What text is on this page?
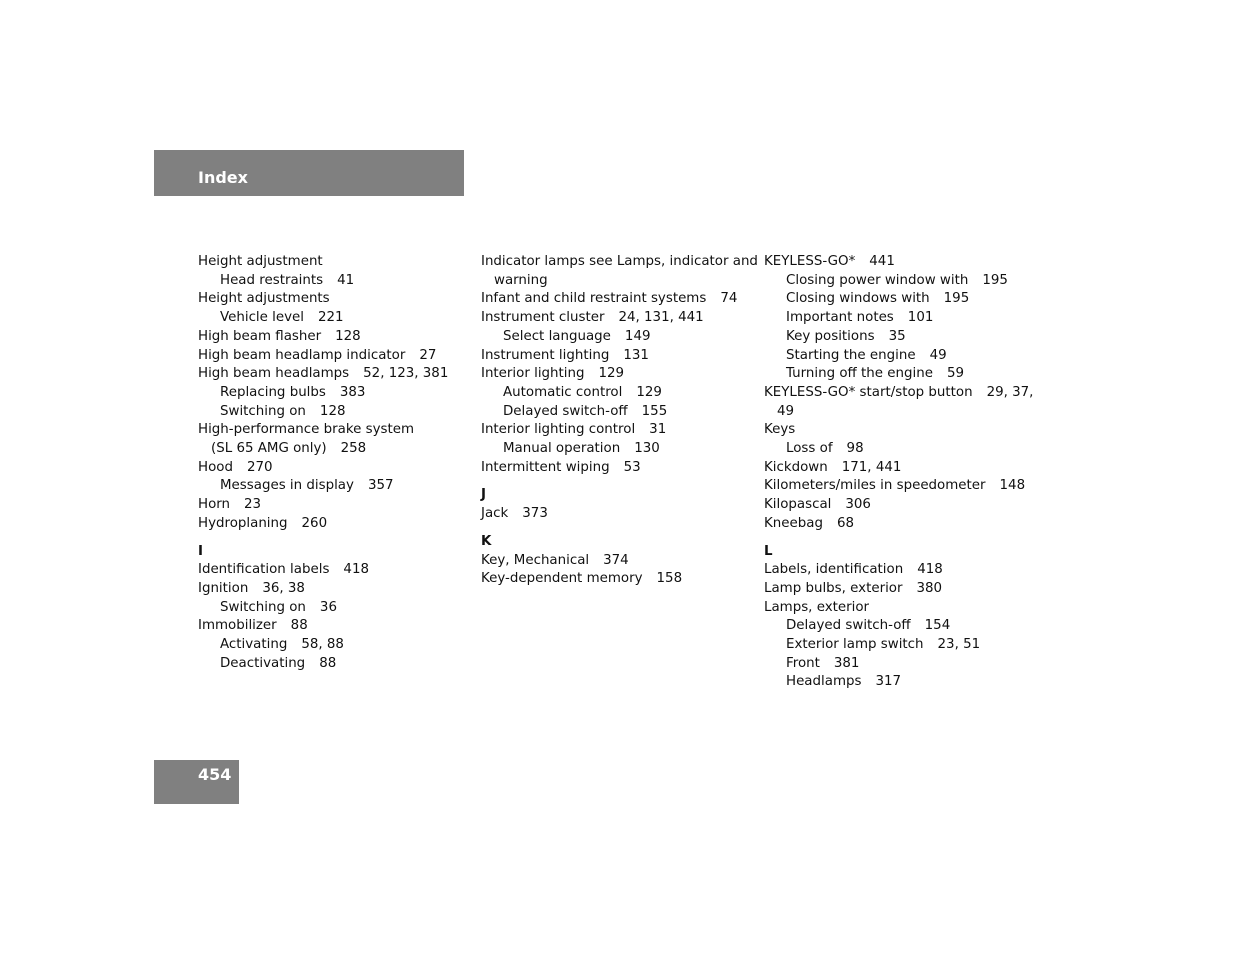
Index
Height adjustment
Head restraints 41
Height adjustments
Vehicle level 221
High beam flasher 128
High beam headlamp indicator 27
High beam headlamps 52, 123, 381
Replacing bulbs 383
Switching on 128
High-performance brake system
(SL 65 AMG only) 258
Hood 270
Messages in display 357
Horn 23
Hydroplaning 260
I
Identification labels 418
Ignition 36, 38
Switching on 36
Immobilizer 88
Activating 58, 88
Deactivating 88
Indicator lamps see Lamps, indicator and
warning
Infant and child restraint systems 74
Instrument cluster 24, 131, 441
Select language 149
Instrument lighting 131
Interior lighting 129
Automatic control 129
Delayed switch-off 155
Interior lighting control 31
Manual operation 130
Intermittent wiping 53
J
Jack 373
K
Key, Mechanical 374
Key-dependent memory 158
KEYLESS-GO* 441
Closing power window with 195
Closing windows with 195
Important notes 101
Key positions 35
Starting the engine 49
Turning off the engine 59
KEYLESS-GO* start/stop button 29, 37,
49
Keys
Loss of 98
Kickdown 171, 441
Kilometers/miles in speedometer 148
Kilopascal 306
Kneebag 68
L
Labels, identification 418
Lamp bulbs, exterior 380
Lamps, exterior
Delayed switch-off 154
Exterior lamp switch 23, 51
Front 381
Headlamps 317
454
